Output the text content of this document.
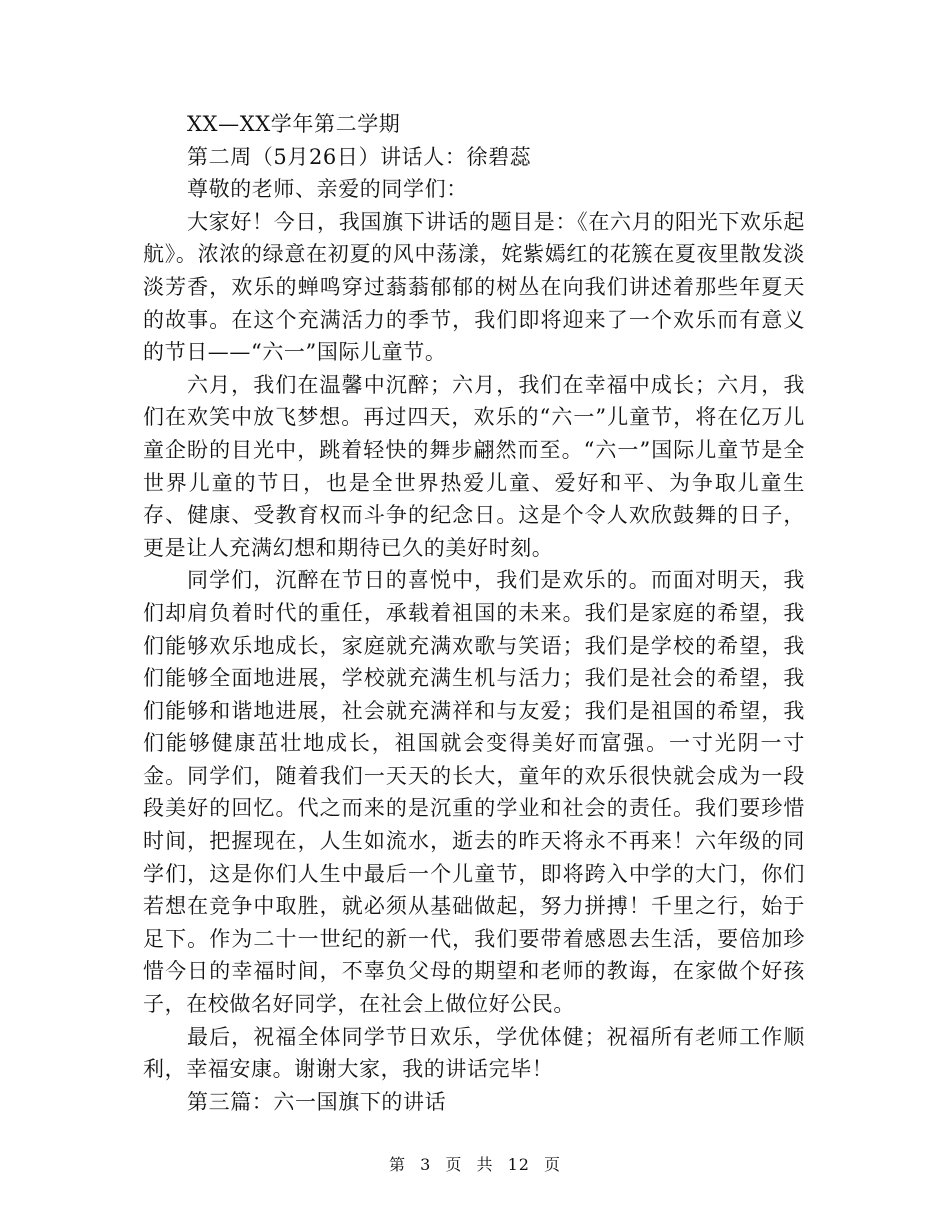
XX—XX学年第二学期

第二周（5月26日）讲话人：徐碧蕊

尊敬的老师、亲爱的同学们：

大家好！今日，我国旗下讲话的题目是：《在六月的阳光下欢乐起航》。浓浓的绿意在初夏的风中荡漾，姹紫嫣红的花簇在夏夜里散发淡淡芳香，欢乐的蝉鸣穿过蓊蓊郁郁的树丛在向我们讲述着那些年夏天的故事。在这个充满活力的季节，我们即将迎来了一个欢乐而有意义的节日——“六一”国际儿童节。

六月，我们在温馨中沉醉；六月，我们在幸福中成长；六月，我们在欢笑中放飞梦想。再过四天，欢乐的“六一”儿童节，将在亿万儿童企盼的目光中，跳着轻快的舞步翩然而至。“六一”国际儿童节是全世界儿童的节日，也是全世界热爱儿童、爱好和平、为争取儿童生存、健康、受教育权而斗争的纪念日。这是个令人欢欣鼓舞的日子，更是让人充满幻想和期待已久的美好时刻。

同学们，沉醉在节日的喜悦中，我们是欢乐的。而面对明天，我们却肩负着时代的重任，承载着祖国的未来。我们是家庭的希望，我们能够欢乐地成长，家庭就充满欢歌与笑语；我们是学校的希望，我们能够全面地进展，学校就充满生机与活力；我们是社会的希望，我们能够和谐地进展，社会就充满祥和与友爱；我们是祖国的希望，我们能够健康茁壮地成长，祖国就会变得美好而富强。一寸光阴一寸金。同学们，随着我们一天天的长大，童年的欢乐很快就会成为一段段美好的回忆。代之而来的是沉重的学业和社会的责任。我们要珍惜时间，把握现在，人生如流水，逝去的昨天将永不再来！六年级的同学们，这是你们人生中最后一个儿童节，即将跨入中学的大门，你们若想在竞争中取胜，就必须从基础做起，努力拼搏！千里之行，始于足下。作为二十一世纪的新一代，我们要带着感恩去生活，要倍加珍惜今日的幸福时间，不辜负父母的期望和老师的教诲，在家做个好孩子，在校做名好同学，在社会上做位好公民。

最后，祝福全体同学节日欢乐，学优体健；祝福所有老师工作顺利，幸福安康。谢谢大家，我的讲话完毕！

第三篇：六一国旗下的讲话

第 3 页 共 12 页
